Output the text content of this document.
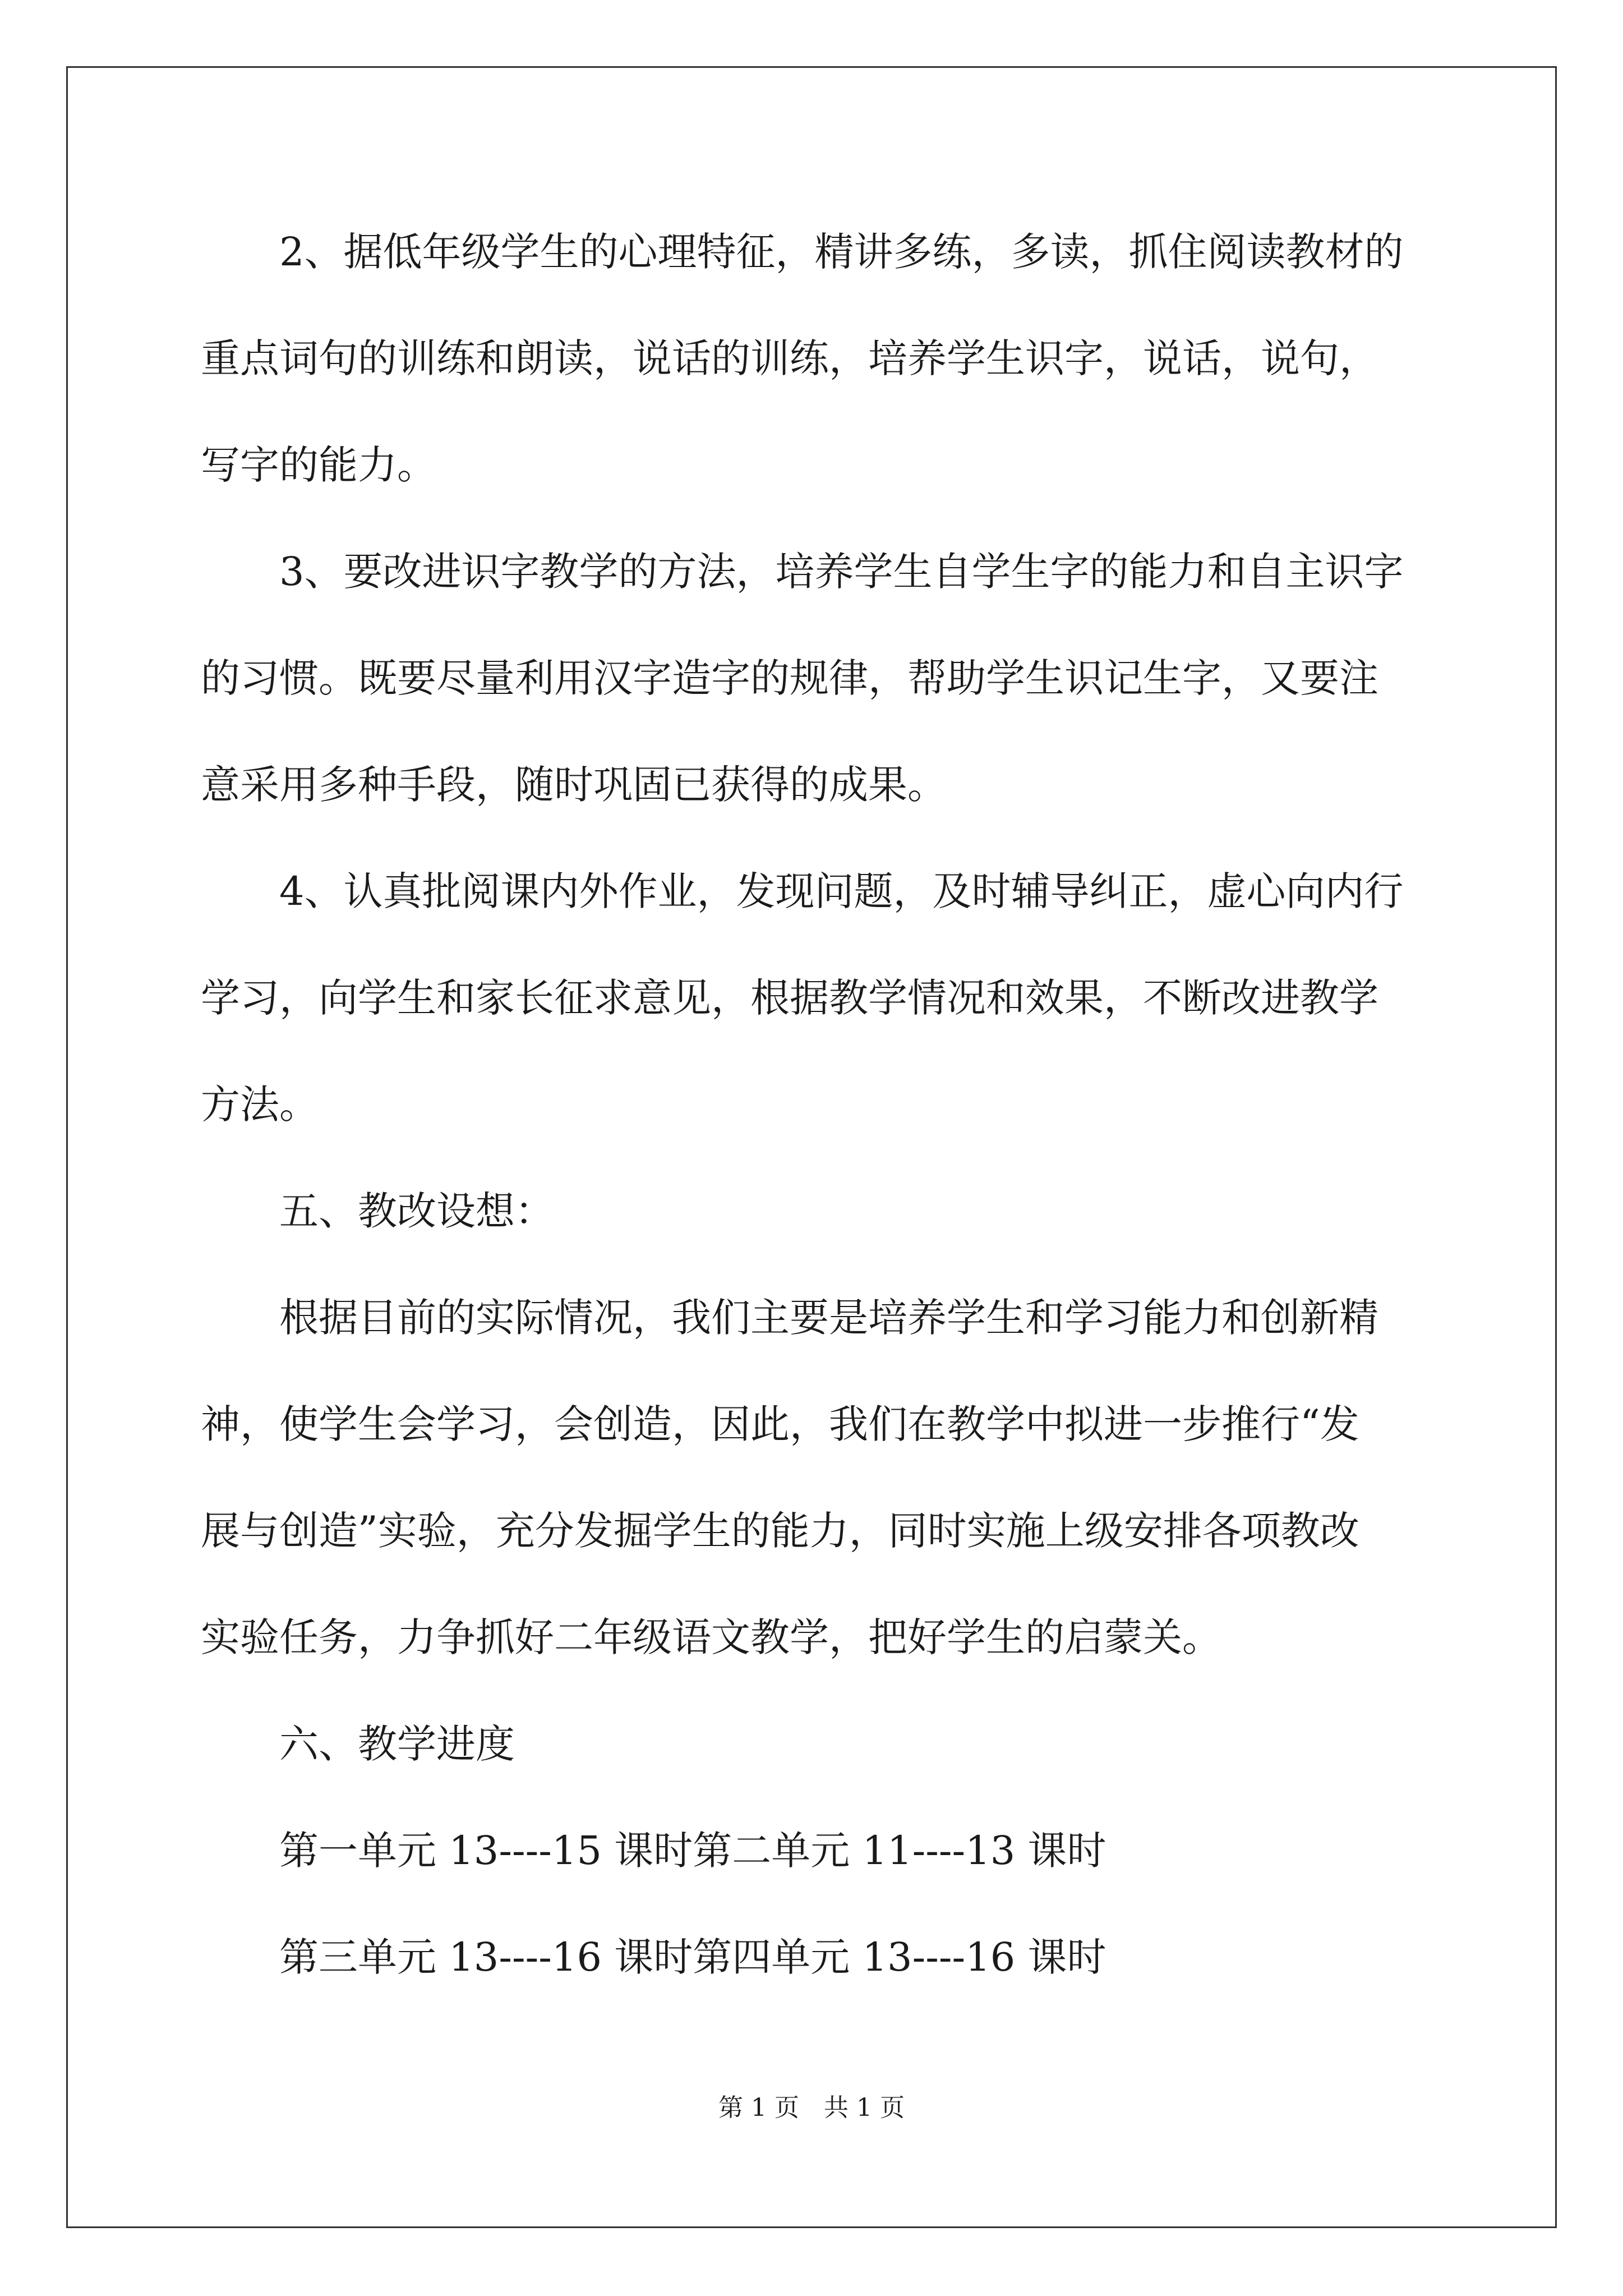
　　2、据低年级学生的心理特征，精讲多练，多读，抓住阅读教材的

重点词句的训练和朗读，说话的训练，培养学生识字，说话，说句，

写字的能力。

　　3、要改进识字教学的方法，培养学生自学生字的能力和自主识字

的习惯。既要尽量利用汉字造字的规律，帮助学生识记生字，又要注

意采用多种手段，随时巩固已获得的成果。

　　4、认真批阅课内外作业，发现问题，及时辅导纠正，虚心向内行

学习，向学生和家长征求意见，根据教学情况和效果，不断改进教学

方法。

　　五、教改设想：

　　根据目前的实际情况，我们主要是培养学生和学习能力和创新精

神，使学生会学习，会创造，因此，我们在教学中拟进一步推行“发

展与创造”实验，充分发掘学生的能力，同时实施上级安排各项教改

实验任务，力争抓好二年级语文教学，把好学生的启蒙关。

　　六、教学进度

　　第一单元 13----15 课时第二单元 11----13 课时

　　第三单元 13----16 课时第四单元 13----16 课时

第 1 页　共 1 页
